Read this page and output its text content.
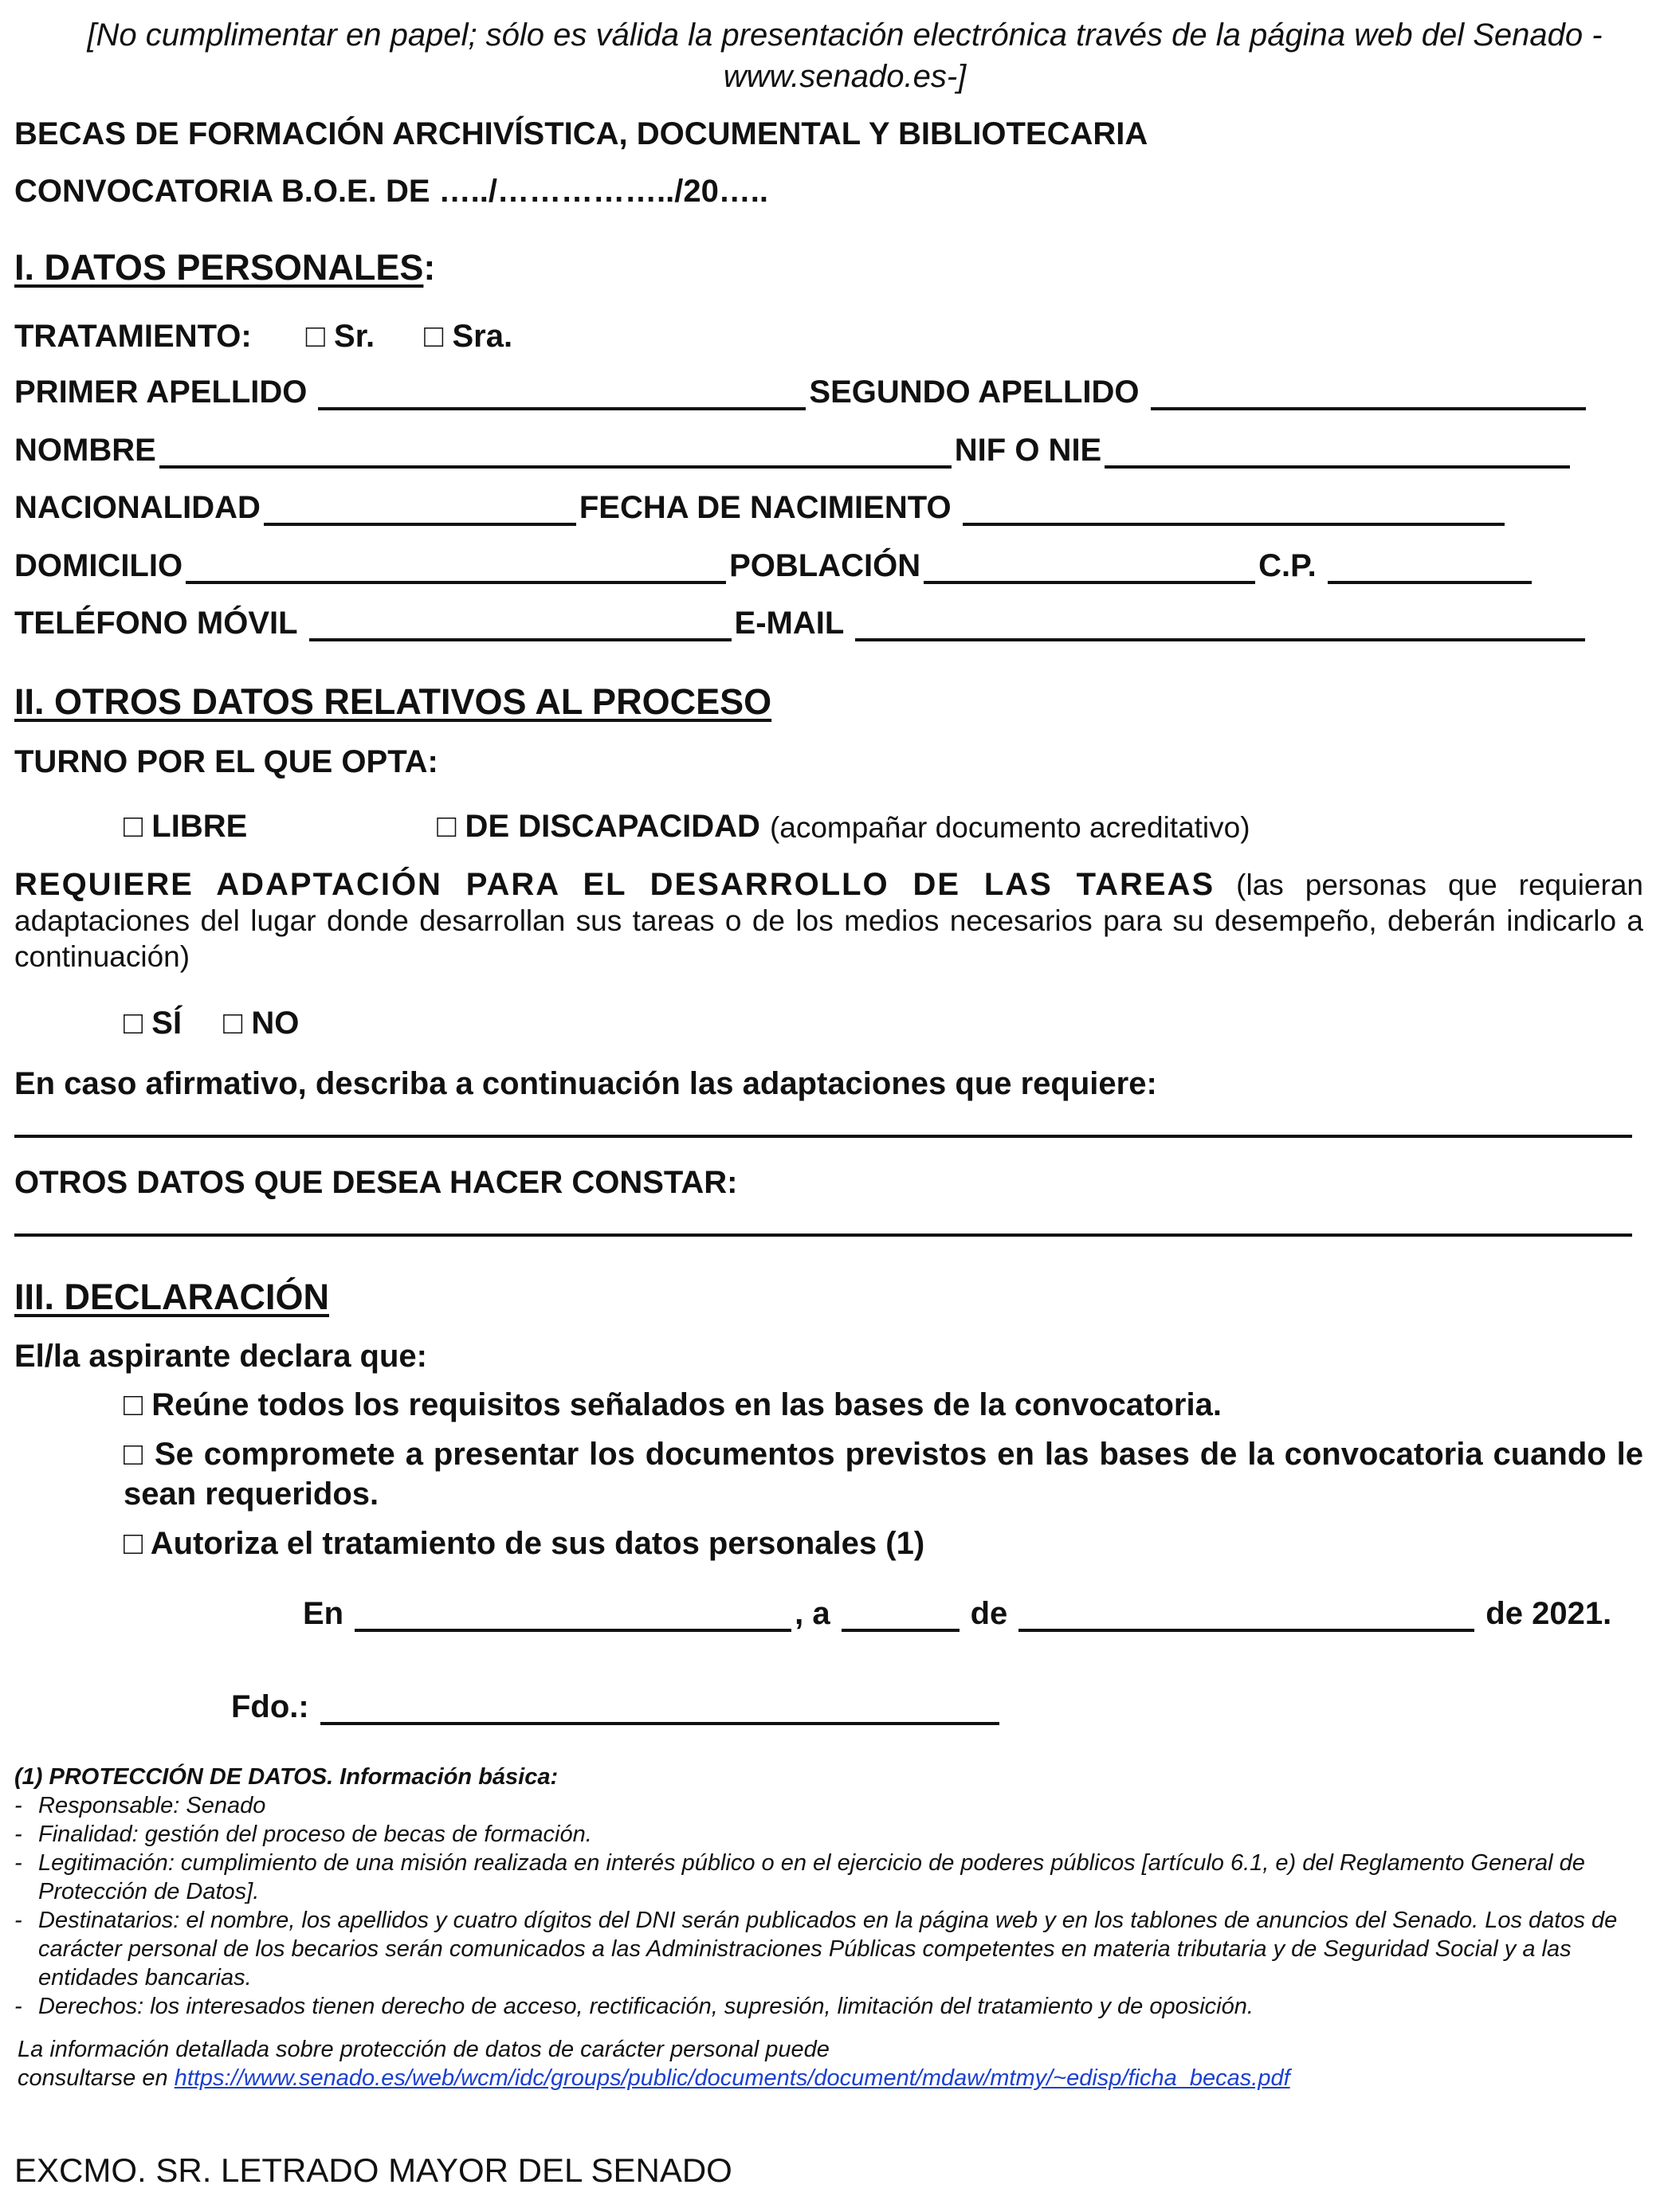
[No cumplimentar en papel; sólo es válida la presentación electrónica través de la página web del Senado -www.senado.es-]
BECAS DE FORMACIÓN ARCHIVÍSTICA, DOCUMENTAL Y BIBLIOTECARIA
CONVOCATORIA B.O.E. DE …../……………../20…..
I. DATOS PERSONALES:
TRATAMIENTO: □ Sr. □ Sra.
PRIMER APELLIDO	SEGUNDO APELLIDO
NOMBRE	NIF O NIE
NACIONALIDAD	FECHA DE NACIMIENTO
DOMICILIO	POBLACIÓN	C.P.
TELÉFONO MÓVIL	E-MAIL
II. OTROS DATOS RELATIVOS AL PROCESO
TURNO POR EL QUE OPTA:
□ LIBRE	□ DE DISCAPACIDAD (acompañar documento acreditativo)
REQUIERE ADAPTACIÓN PARA EL DESARROLLO DE LAS TAREAS (las personas que requieran adaptaciones del lugar donde desarrollan sus tareas o de los medios necesarios para su desempeño, deberán indicarlo a continuación)
□ SÍ □ NO
En caso afirmativo, describa a continuación las adaptaciones que requiere:
OTROS DATOS QUE DESEA HACER CONSTAR:
III. DECLARACIÓN
El/la aspirante declara que:
□ Reúne todos los requisitos señalados en las bases de la convocatoria.
□ Se compromete a presentar los documentos previstos en las bases de la convocatoria cuando le sean requeridos.
□ Autoriza el tratamiento de sus datos personales (1)
En	, a	de	de 2021.
Fdo.:
(1) PROTECCIÓN DE DATOS. Información básica:
- Responsable: Senado
- Finalidad: gestión del proceso de becas de formación.
- Legitimación: cumplimiento de una misión realizada en interés público o en el ejercicio de poderes públicos [artículo 6.1, e) del Reglamento General de Protección de Datos].
- Destinatarios: el nombre, los apellidos y cuatro dígitos del DNI serán publicados en la página web y en los tablones de anuncios del Senado. Los datos de carácter personal de los becarios serán comunicados a las Administraciones Públicas competentes en materia tributaria y de Seguridad Social y a las entidades bancarias.
- Derechos: los interesados tienen derecho de acceso, rectificación, supresión, limitación del tratamiento y de oposición.
La información detallada sobre protección de datos de carácter personal puede
consultarse en https://www.senado.es/web/wcm/idc/groups/public/documents/document/mdaw/mtmy/~edisp/ficha_becas.pdf
EXCMO. SR. LETRADO MAYOR DEL SENADO
